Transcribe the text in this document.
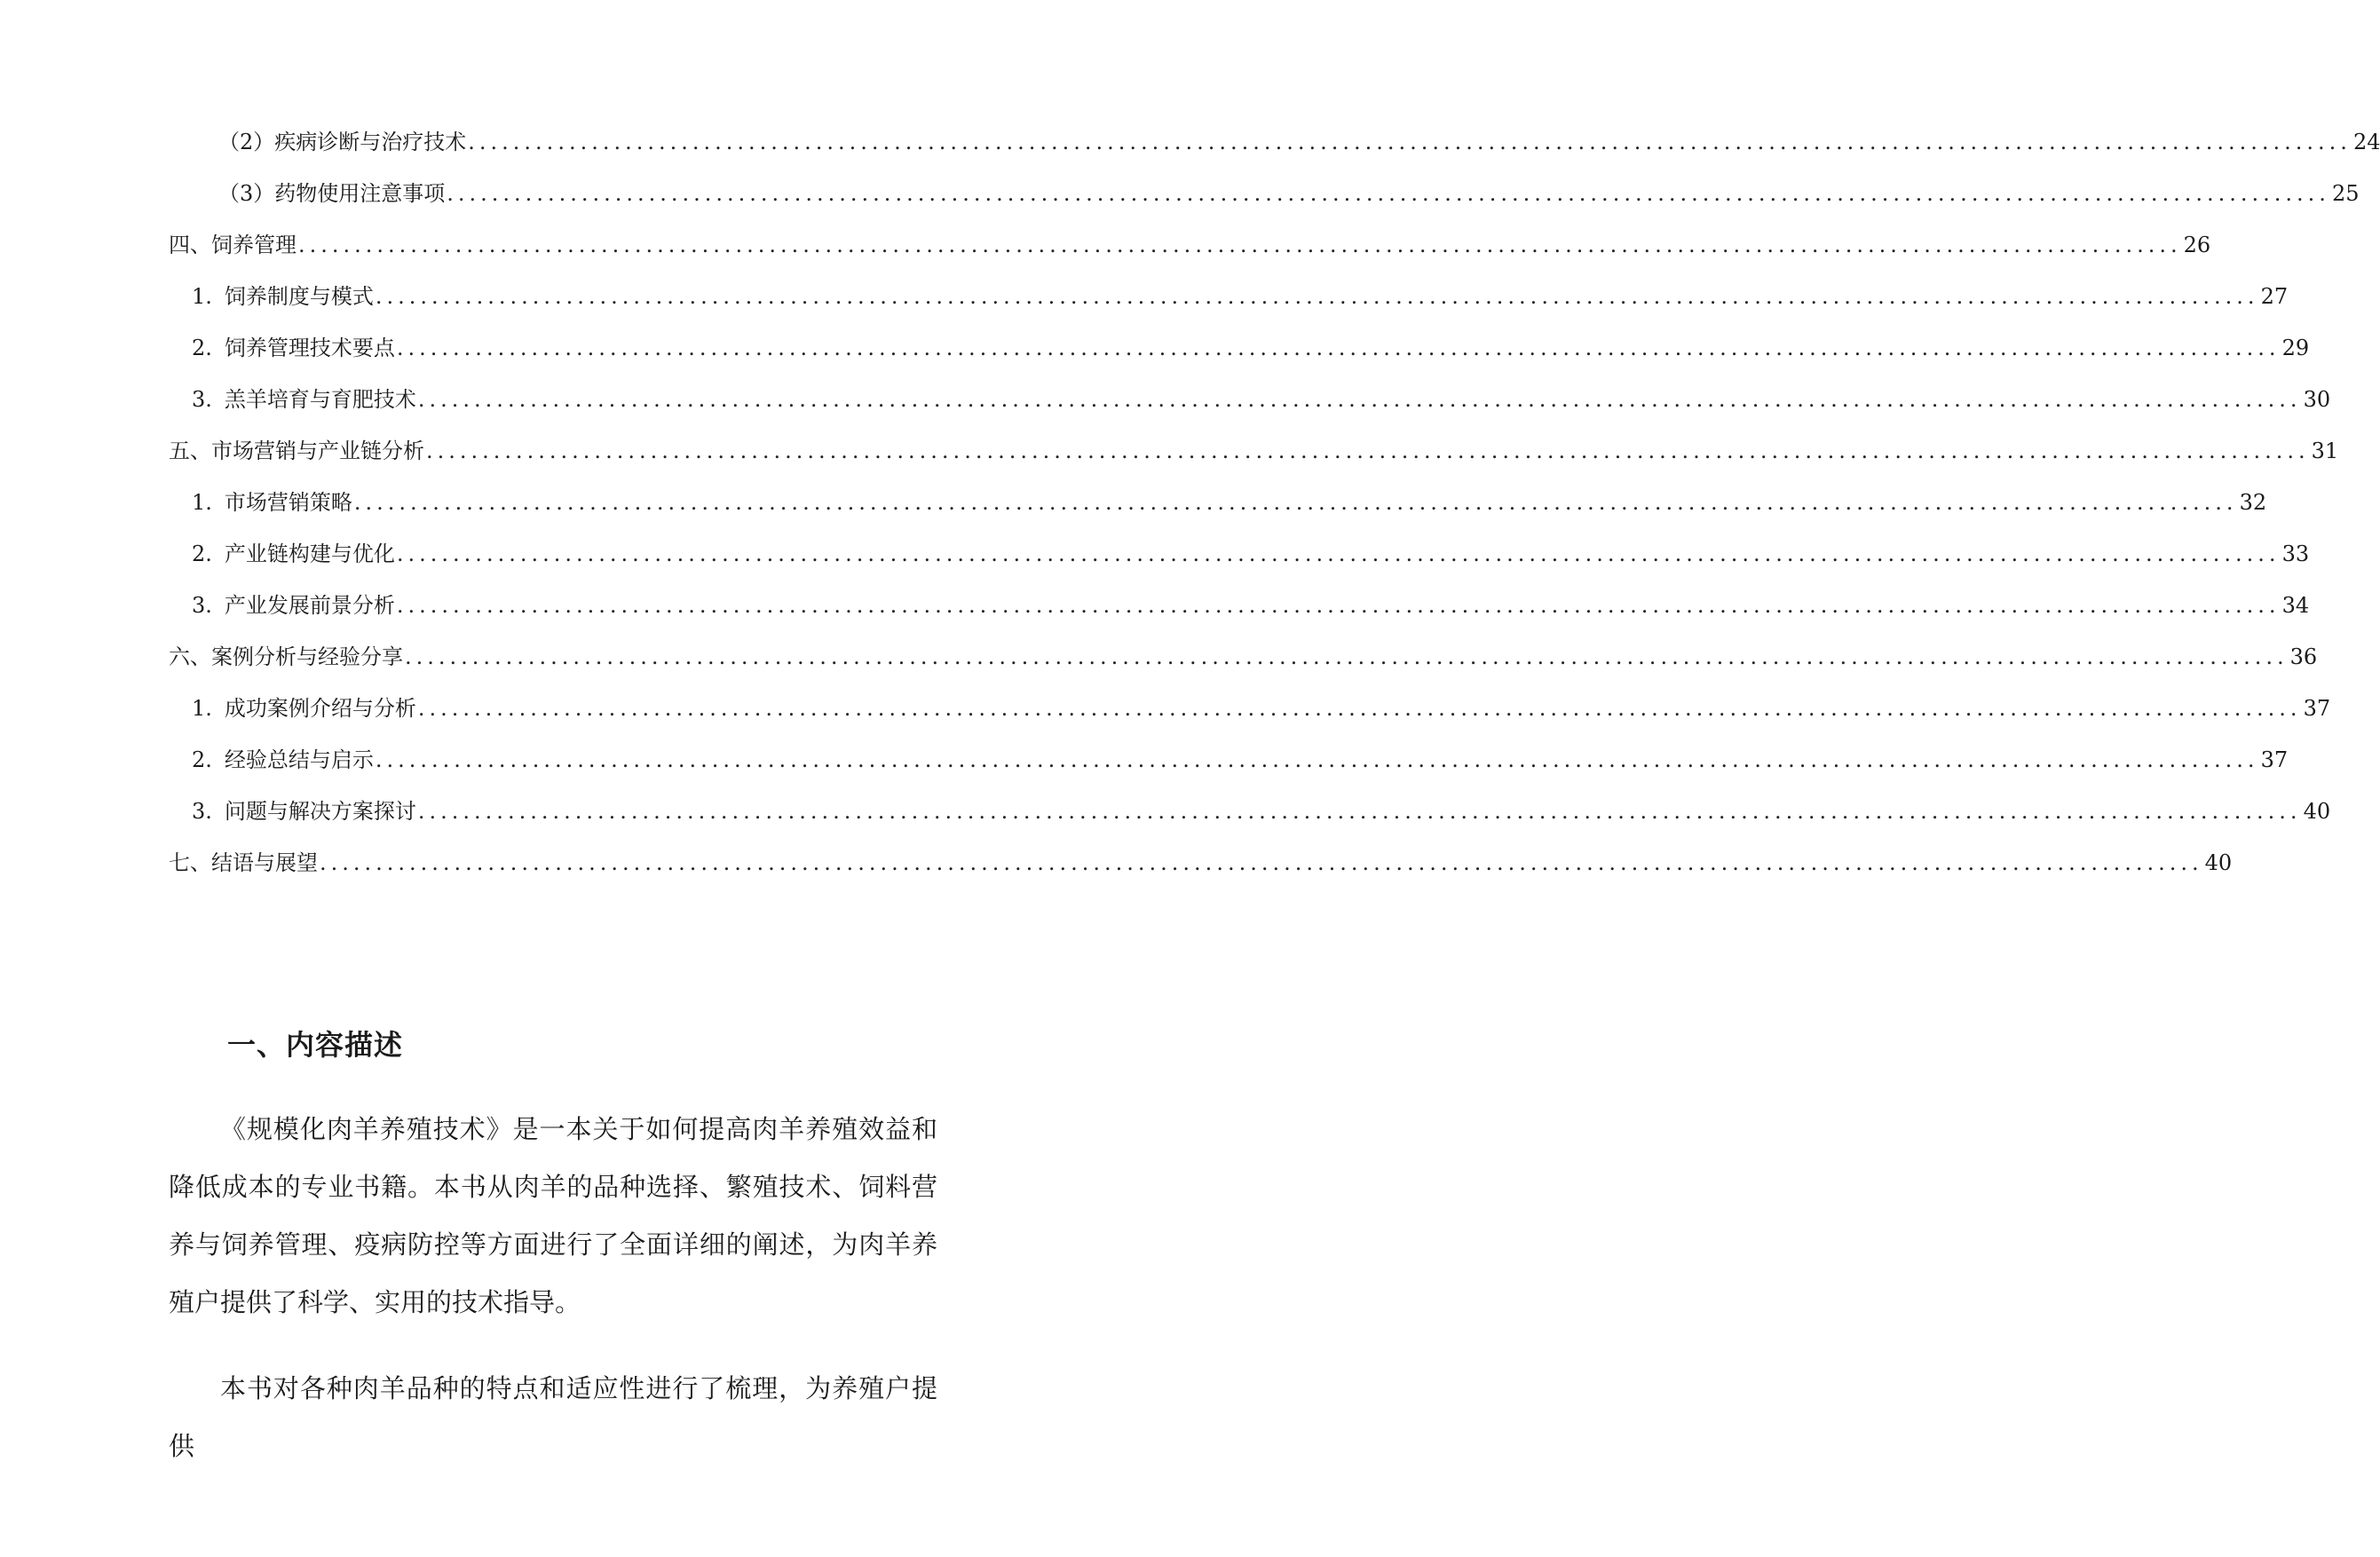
（2）疾病诊断与治疗技术 .....	24
（3）药物使用注意事项 .....	25
四、饲养管理 .....	26
1. 饲养制度与模式 .....	27
2. 饲养管理技术要点 .....	29
3. 羔羊培育与育肥技术 .....	30
五、市场营销与产业链分析 .....	31
1. 市场营销策略 .....	32
2. 产业链构建与优化 .....	33
3. 产业发展前景分析 .....	34
六、案例分析与经验分享 .....	36
1. 成功案例介绍与分析 .....	37
2. 经验总结与启示 .....	37
3. 问题与解决方案探讨 .....	40
七、结语与展望 .....	40
一、内容描述

《规模化肉羊养殖技术》是一本关于如何提高肉羊养殖效益和降低成本的专业书籍。本书从肉羊的品种选择、繁殖技术、饲料营养与饲养管理、疫病防控等方面进行了全面详细的阐述，为肉羊养殖户提供了科学、实用的技术指导。

本书对各种肉羊品种的特点和适应性进行了梳理，为养殖户提供
